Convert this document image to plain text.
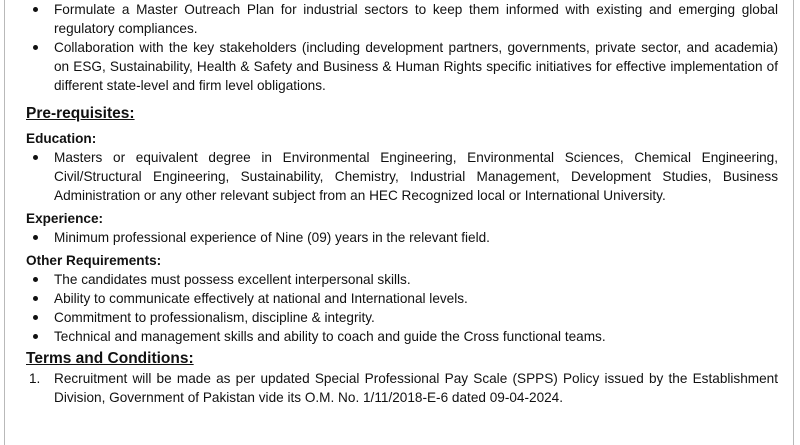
Formulate a Master Outreach Plan for industrial sectors to keep them informed with existing and emerging global regulatory compliances.
Collaboration with the key stakeholders (including development partners, governments, private sector, and academia) on ESG, Sustainability, Health & Safety and Business & Human Rights specific initiatives for effective implementation of different state-level and firm level obligations.
Pre-requisites:
Education:
Masters or equivalent degree in Environmental Engineering, Environmental Sciences, Chemical Engineering, Civil/Structural Engineering, Sustainability, Chemistry, Industrial Management, Development Studies, Business Administration or any other relevant subject from an HEC Recognized local or International University.
Experience:
Minimum professional experience of Nine (09) years in the relevant field.
Other Requirements:
The candidates must possess excellent interpersonal skills.
Ability to communicate effectively at national and International levels.
Commitment to professionalism, discipline & integrity.
Technical and management skills and ability to coach and guide the Cross functional teams.
Terms and Conditions:
1. Recruitment will be made as per updated Special Professional Pay Scale (SPPS) Policy issued by the Establishment Division, Government of Pakistan vide its O.M. No. 1/11/2018-E-6 dated 09-04-2024.
